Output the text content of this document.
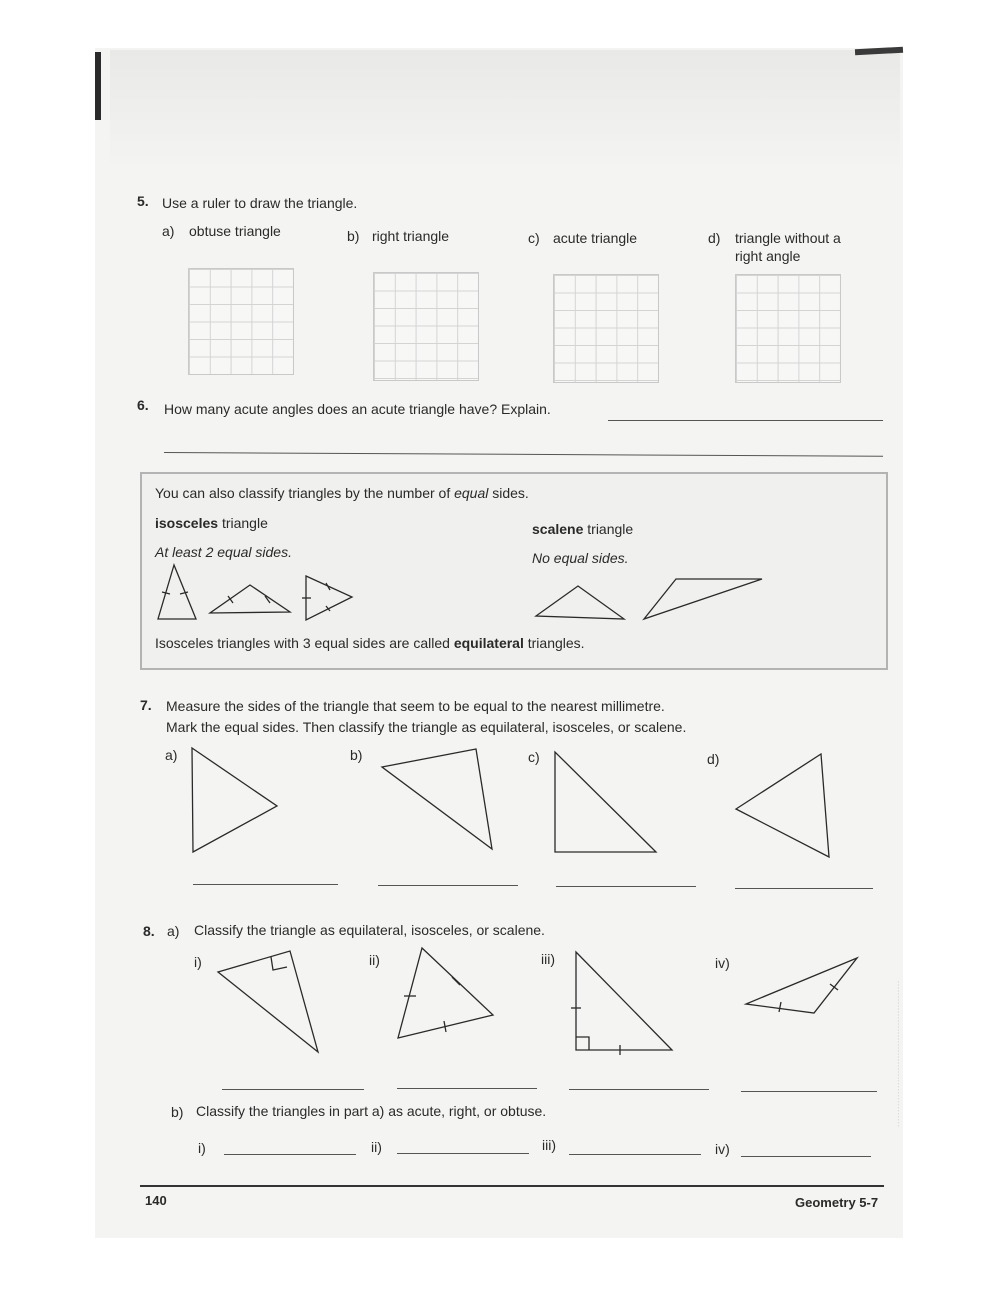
5. Use a ruler to draw the triangle.
a) obtuse triangle	b) right triangle	c) acute triangle	d) triangle without a
right angle
6. How many acute angles does an acute triangle have? Explain.
You can also classify triangles by the number of equal sides.
isosceles triangle
At least 2 equal sides.
scalene triangle
No equal sides.
Isosceles triangles with 3 equal sides are called equilateral triangles.
7. Measure the sides of the triangle that seem to be equal to the nearest millimetre.
Mark the equal sides. Then classify the triangle as equilateral, isosceles, or scalene.
a)	b)	c)	d)
8. a) Classify the triangle as equilateral, isosceles, or scalene.
i)	ii)	iii)	iv)
b) Classify the triangles in part a) as acute, right, or obtuse.
i)	ii)	iii)	iv)
140	Geometry 5-7
·················································
